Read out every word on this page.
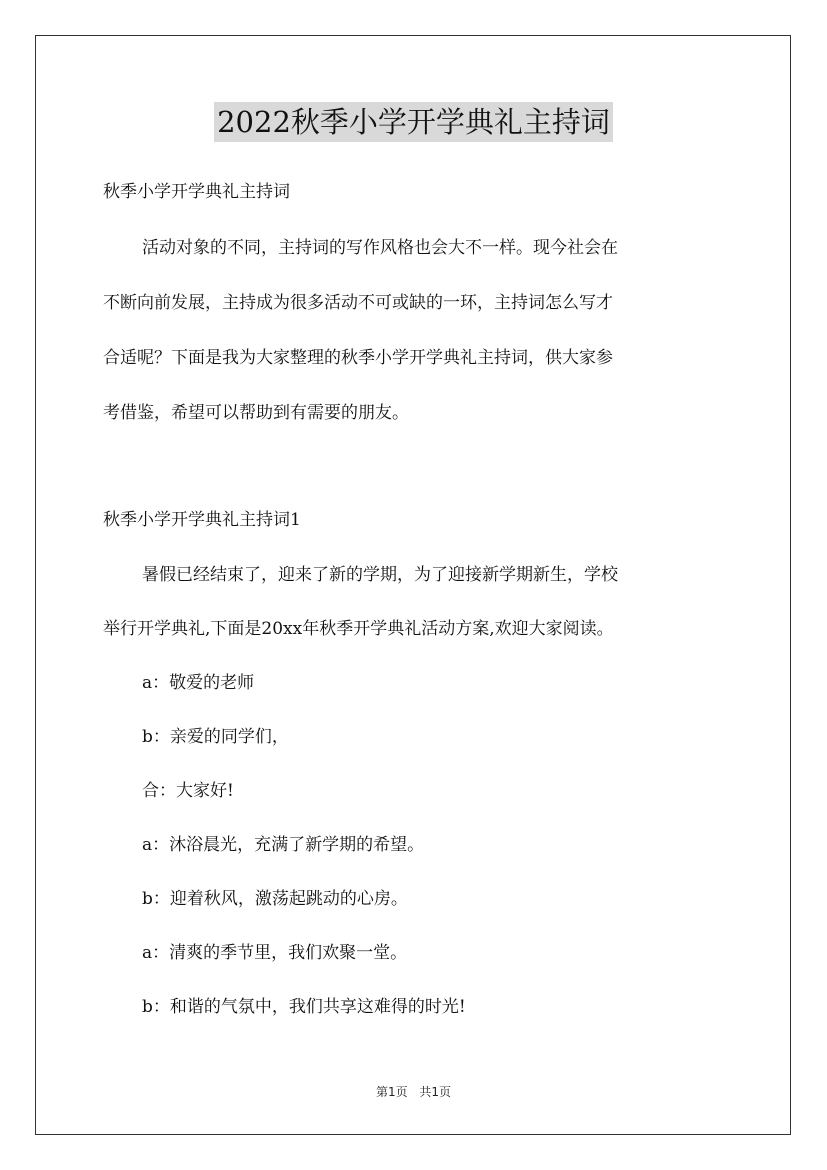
2022秋季小学开学典礼主持词
秋季小学开学典礼主持词
活动对象的不同，主持词的写作风格也会大不一样。现今社会在
不断向前发展，主持成为很多活动不可或缺的一环，主持词怎么写才
合适呢？下面是我为大家整理的秋季小学开学典礼主持词，供大家参
考借鉴，希望可以帮助到有需要的朋友。
秋季小学开学典礼主持词1
暑假已经结束了，迎来了新的学期，为了迎接新学期新生，学校
举行开学典礼,下面是20xx年秋季开学典礼活动方案,欢迎大家阅读。
a：敬爱的老师
b：亲爱的同学们，
合：大家好!
a：沐浴晨光，充满了新学期的希望。
b：迎着秋风，激荡起跳动的心房。
a：清爽的季节里，我们欢聚一堂。
b：和谐的气氛中，我们共享这难得的时光!
第1页 共1页
